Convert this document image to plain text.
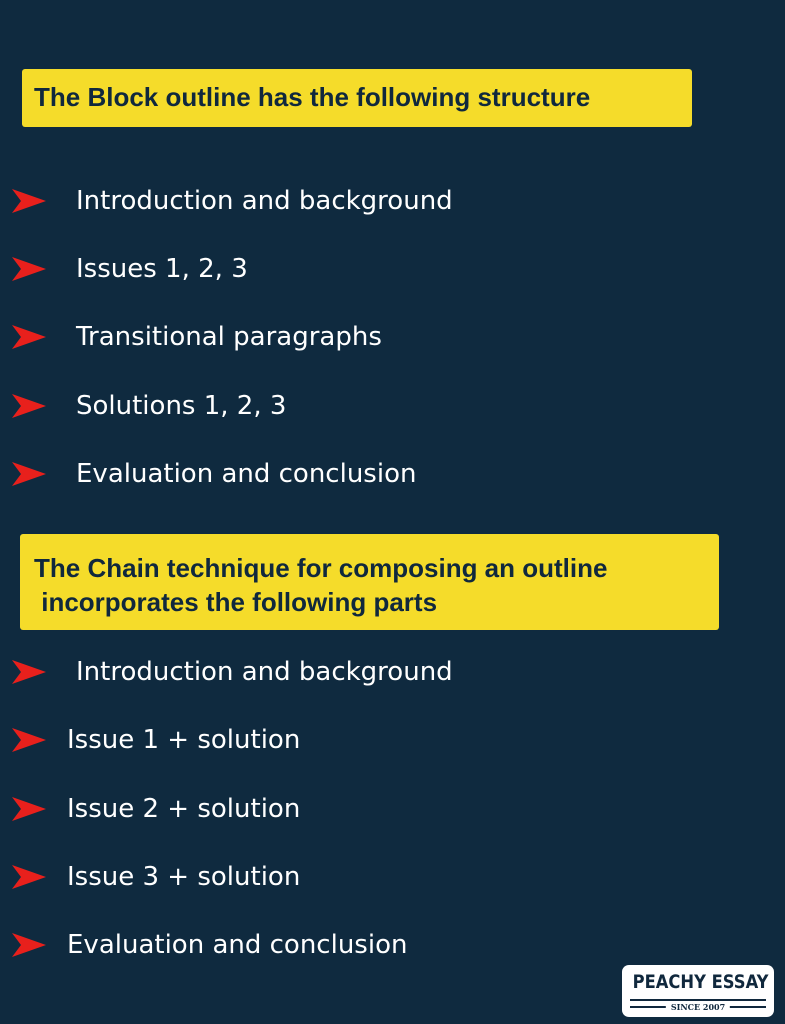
The Block outline has the following structure
Introduction and background
Issues 1, 2, 3
Transitional paragraphs
Solutions 1, 2, 3
Evaluation and conclusion
The Chain technique for composing an outline
incorporates the following parts
Introduction and background
Issue 1 + solution
Issue 2 + solution
Issue 3 + solution
Evaluation and conclusion
PEACHY ESSAY
SINCE 2007
